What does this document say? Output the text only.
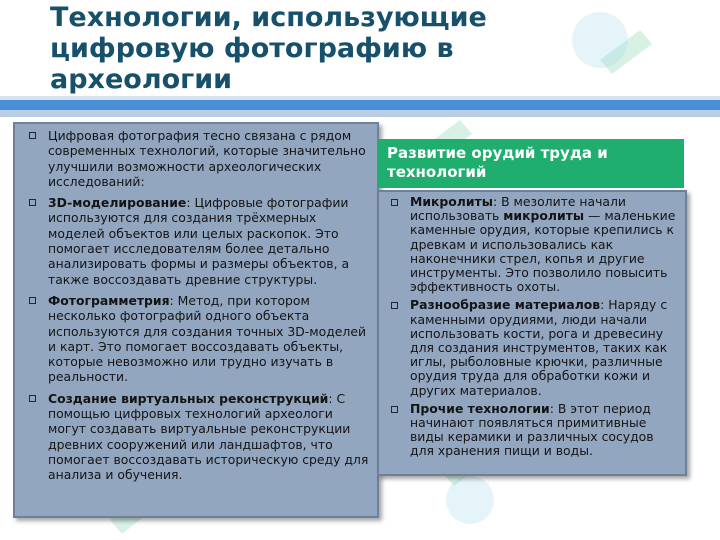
Технологии, использующие цифровую фотографию в археологии
Цифровая фотография тесно связана с рядом современных технологий, которые значительно улучшили возможности археологических исследований:
3D-моделирование: Цифровые фотографии используются для создания трёхмерных моделей объектов или целых раскопок. Это помогает исследователям более детально анализировать формы и размеры объектов, а также воссоздавать древние структуры.
Фотограмметрия: Метод, при котором несколько фотографий одного объекта используются для создания точных 3D-моделей и карт. Это помогает воссоздавать объекты, которые невозможно или трудно изучать в реальности.
Создание виртуальных реконструкций: С помощью цифровых технологий археологи могут создавать виртуальные реконструкции древних сооружений или ландшафтов, что помогает воссоздавать историческую среду для анализа и обучения.
Развитие орудий труда и технологий
Микролиты: В мезолите начали использовать микролиты — маленькие каменные орудия, которые крепились к древкам и использовались как наконечники стрел, копья и другие инструменты. Это позволило повысить эффективность охоты.
Разнообразие материалов: Наряду с каменными орудиями, люди начали использовать кости, рога и древесину для создания инструментов, таких как иглы, рыболовные крючки, различные орудия труда для обработки кожи и других материалов.
Прочие технологии: В этот период начинают появляться примитивные виды керамики и различных сосудов для хранения пищи и воды.
